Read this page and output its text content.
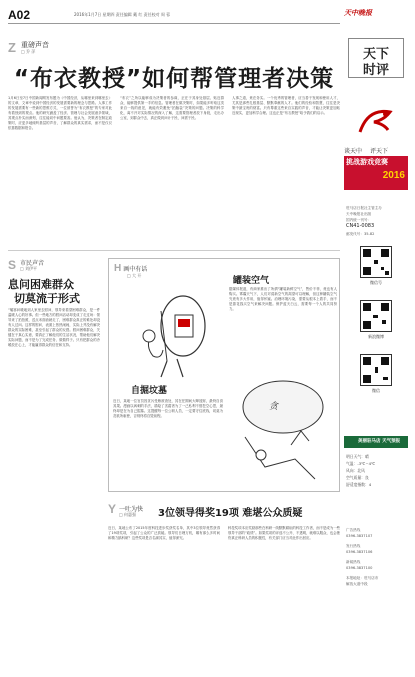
A02	2016年1月7日 星期四 责任编辑 戴 红 责任校对 周 蓉
Z 重磅声音
□ 乔 萍
“布衣教授”如何帮管理者决策
1月6日至7日中国新闻网发布题为《中国经济，从哪里来到哪里去》的文章，文章中说到中国经济的发展需要新的理念与思路。人事工作的发展需要有一些新的思维方式，一位被誉为“布衣教授”的专家对此有着独到的观点。他的研究涵盖了经济、管理与社会发展诸多领域，其观点朴实而深刻，往往能切中问题要害。他认为，决策者在制定政策时，应更多地倾听基层的声音，了解群众的真实需求，而不是仅仅依靠数据和报告。
“布衣”之所以能够成为决策者的参谋，正在于其身处基层、贴近群众，能够提供第一手的信息。管理者在做决策时，如果能多听取这类来自一线的意见，就能有效避免“拍脑袋”决策的问题。决策的科学化，离不开对实际情况的深入了解，这需要管理者放下身段，走出办公室，到群众中去，真正做到问计于民、问需于民。
人事之道，贵在务实。一个优秀的管理者，应当善于发现和使用人才，尤其是那些扎根基层、默默奉献的人才。他们的经验和智慧，往往是决策中最宝贵的财富。只有尊重这些来自实践的声音，才能让决策更加贴近现实，更加科学合理。这也正是“布衣教授”给予我们的启示。
S 市民声音
□ 刘伊平
息问困难群众
切莫流于形式
“嘘寒问暖地到人家里去慰问，领导来看望困难群众，是一件温暖人心的好事。但一些地方的慰问活动却变成了走过场：领导来了拍拍照，送点米面油就走了，困难群众真正的难处却没有人过问。这样的慰问，表面上热热闹闹，实际上并没有解决群众的实际困难，甚至引起了群众的反感。慰问困难群众，关键在于真心实意，要真正了解他们的生活状况，帮助他们解决实际问题，而不是为了完成任务、做做样子。只有把群众的冷暖放在心上，才能赢得群众的信任和支持。
H画中有话
□ 大 开
自掘坟墓
近日，某地一位官员因贪污受贿被查处，其在任期间大肆敛财，最终自食其果。漫画以讽刺的手法，描绘了贪腐者为了一己私利不惜挖空心思，最终却是在为自己掘墓。这提醒每一位公职人员，一定要守住底线，切莫为贪欲所驱使，否则终将自毁前程。
罐装空气
据媒体报道，有商家推出了所谓“罐装新鲜空气”，售价不菲，竟也有人购买。雾霾天气下，人们对清新空气的渴望可以理解，但这种罐装空气究竟有多大作用，值得怀疑。治理环境污染，需要从根本上着手，而不是靠花钱买空气来解决问题。保护蓝天白云，需要每一个人的共同努力。
贪
Y 一吐为快
□ 何惠强 3位领导得奖19项 难堪公众质疑
近日，某地公布了2015年度科技进步奖获奖名单，其中3位领导竟然获得了19项奖项，引起了公众的广泛质疑。领导们日理万机，哪有那么多时间和精力搞科研？这些奖项是否名副其实，值得深究。
科技奖项本应奖励那些在科研一线默默耕耘的科技工作者，而不是成为一些领导干部的“政绩”。如果奖项的评选不公开、不透明，就难以服众，也会挫伤真正科研人员的积极性，有关部门应当对此作出回应。
天中晚报
天下
时评
谈天中 评天下
挑战游戏竞赛
2016
驻马店日报社主管主办
天中晚报社出版
国内统一刊号：
CN41-0083
邮发代号：35-82
微信号
新浪微博
微信
美丽驻马店 天气预报
明日天气：晴
气温：-3℃~4℃
风向：北风
空气质量：良
舒适度指数：4
广告热线
0396-3837107
发行热线
0396-3837106
新闻热线
0396-3837100
本报地址：驻马店市
解放大道中段
